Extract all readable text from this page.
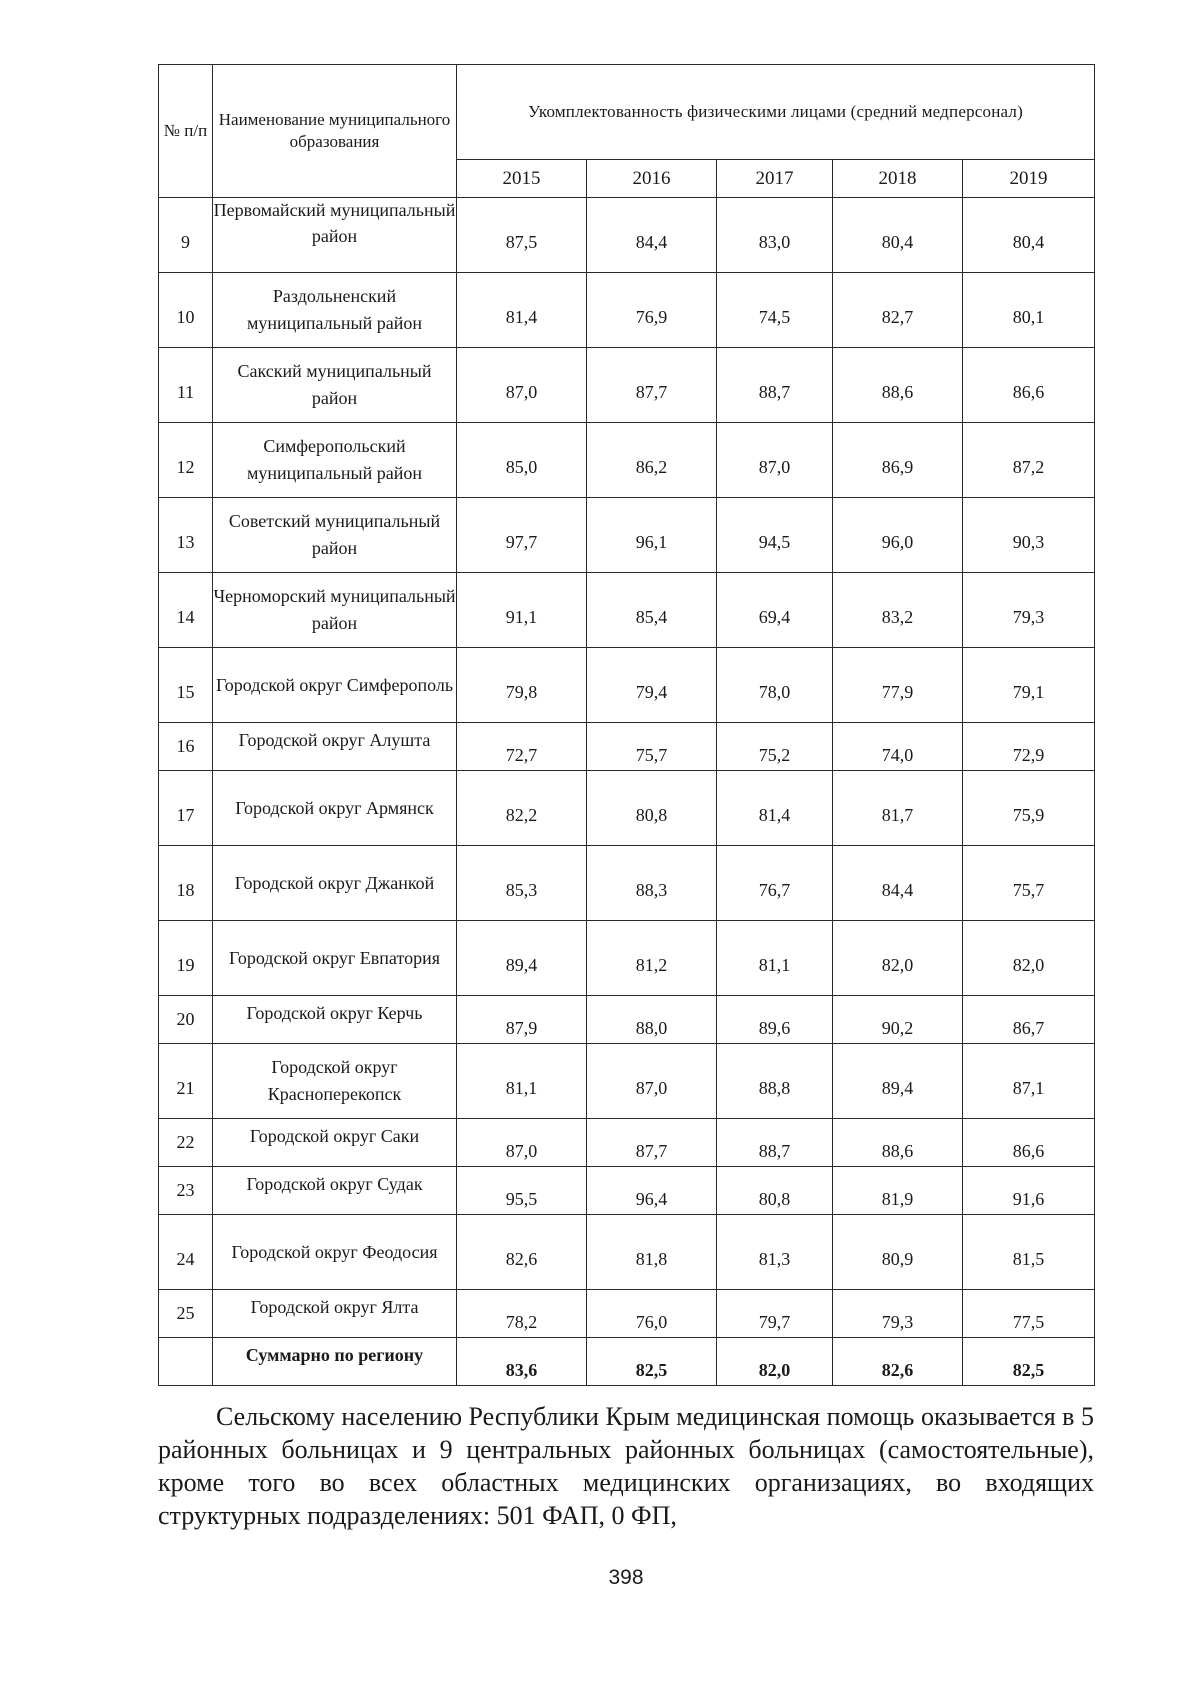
№ п/п	Наименование муниципального образования	Укомплектованность физическими лицами (средний медперсонал)				
		2015	2016	2017	2018	2019
9	Первомайский муниципальный район	87,5	84,4	83,0	80,4	80,4
10	Раздольненский муниципальный район	81,4	76,9	74,5	82,7	80,1
11	Сакский муниципальный район	87,0	87,7	88,7	88,6	86,6
12	Симферопольский муниципальный район	85,0	86,2	87,0	86,9	87,2
13	Советский муниципальный район	97,7	96,1	94,5	96,0	90,3
14	Черноморский муниципальный район	91,1	85,4	69,4	83,2	79,3
15	Городской округ Симферополь	79,8	79,4	78,0	77,9	79,1
16	Городской округ Алушта	72,7	75,7	75,2	74,0	72,9
17	Городской округ Армянск	82,2	80,8	81,4	81,7	75,9
18	Городской округ Джанкой	85,3	88,3	76,7	84,4	75,7
19	Городской округ Евпатория	89,4	81,2	81,1	82,0	82,0
20	Городской округ Керчь	87,9	88,0	89,6	90,2	86,7
21	Городской округ Красноперекопск	81,1	87,0	88,8	89,4	87,1
22	Городской округ Саки	87,0	87,7	88,7	88,6	86,6
23	Городской округ Судак	95,5	96,4	80,8	81,9	91,6
24	Городской округ Феодосия	82,6	81,8	81,3	80,9	81,5
25	Городской округ Ялта	78,2	76,0	79,7	79,3	77,5
	Суммарно по региону	83,6	82,5	82,0	82,6	82,5

Сельскому населению Республики Крым медицинская помощь оказывается в 5 районных больницах и 9 центральных районных больницах (самостоятельные), кроме того во всех областных медицинских организациях, во входящих структурных подразделениях: 501 ФАП, 0 ФП,

398
